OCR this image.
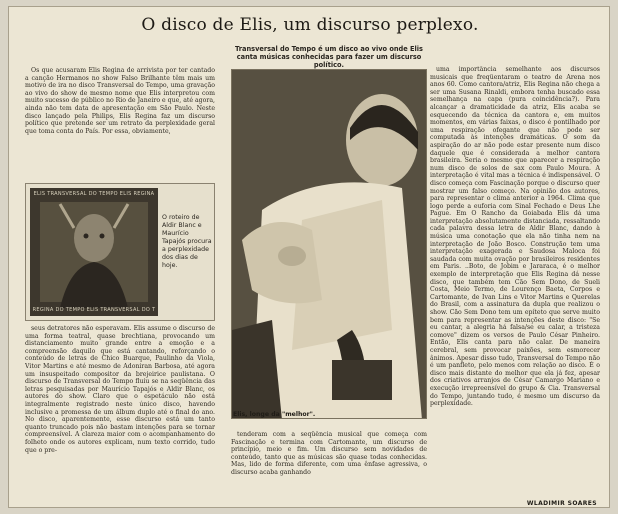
O disco de Elis, um discurso perplexo.

Transversal do Tempo é um disco ao vivo onde Elis canta músicas conhecidas para fazer um discurso político.

Os que acusaram Elis Regina de arrivista por ter cantado a canção Hermanos no show Falso Brilhante têm mais um motivo de ira no disco Transversal do Tempo, uma gravação ao vivo do show de mesmo nome que Elis interpretou com muito sucesso de público no Rio de Janeiro e que, até agora, ainda não tem data de apresentação em São Paulo. Neste disco lançado pela Philips, Elis Regina faz um discurso político que pretende ser um retrato da perplexidade geral que toma conta do País. Por essa, obviamente,

ELIS TRANSVERSAL DO TEMPO ELIS REGINA
REGINA DO TEMPO ELIS TRANSVERSAL DO T

O roteiro de Aldir Blanc e Maurício Tapajós procura a perplexidade dos dias de hoje.

seus detratores não esperavam. Elis assume o discurso de uma forma teatral, quase brechtiana, provocando um distanciamento muito grande entre a emoção e a compreensão daquilo que está cantando, reforçando o conteúdo de letras de Chico Buarque, Paulinho da Viola, Vitor Martins e até mesmo de Adoniran Barbosa, até agora um insuspeitado compositor da brejeirice paulistana. O discurso de Transversal do Tempo fluiu se na seqüência das letras pesquisadas por Maurício Tapajós e Aldir Blanc, os autores do show. Claro que o espetáculo não está integralmente registrado neste único disco, havendo inclusive a promessa de um álbum duplo até o final do ano. No disco, aparentemente, esse discurso está um tanto quanto truncado pois não bastam intenções para se tornar compreensível. A clareza maior com o acompanhamento do folheto onde os autores explicam, num texto corrido, tudo que o pre-

Elis, longe da "melhor".

tenderam com a seqüência musical que começa com Fascinação e termina com Cartomante, um discurso de princípio, meio e fim. Um discurso sem novidades de conteúdo, tanto que as músicas são quase todas conhecidas. Mas, lido de forma diferente, com uma ênfase agressiva, o discurso acaba ganhando

uma importância semelhante aos discursos musicais que freqüentaram o teatro de Arena nos anos 60. Como cantora/atriz, Elis Regina não chega a ser uma Susana Rinaldi, embora tenha buscado essa semelhança na capa (pura coincidência?). Para alcançar a dramaticidade da atriz, Elis acaba se esquecendo da técnica da cantora e, em muitos momentos, em várias faixas, o disco é pontilhado por uma respiração ofegante que não pode ser computada às intenções dramáticas. O som da aspiração do ar não pode estar presente num disco daquele que é considerada a melhor cantora brasileira. Seria o mesmo que aparecer a respiração num disco de solos de sax com Paulo Moura. A interpretação é vital mas a técnica é indispensável. O disco começa com Fascinação porque o discurso quer mostrar um falso começo. Na opinião dos autores, para representar o clima anterior a 1964. Clima que logo perde a euforia com Sinal Fechado e Deus Lhe Pague. Em O Rancho da Goiabada Elis dá uma interpretação absolutamente distanciada, ressaltando cada palavra dessa letra de Aldir Blanc, dando à música uma conotação que ela não tinha nem na interpretação de João Bosco. Construção tem uma interpretação exagerada e Saudosa Maloca foi saudada com muita ovação por brasileiros residentes em Paris. ..Boto, de Jobim e Jararaca, é o melhor exemplo de interpretação que Elis Regina dá nesse disco, que também tem Cão Sem Dono, de Sueli Costa, Meio Termo, de Lourenço Baeta, Corpos e Cartomante, de Ivan Lins e Vitor Martins e Querelas do Brasil, com a assinatura da dupla que realizou o show. Cão Sem Dono tem um epíteto que serve muito bem para representar as intenções deste disco: "Se eu cantar, a alegria há falsa/se eu calar, a tristeza comove" dizem os versos de Paulo César Pinheiro. Então, Elis canta para não calar. De maneira cerebral, sem provocar paixões, sem esmorecer ânimos. Apesar disso tudo, Transversal do Tempo não é um panfleto, pelo menos com relação ao disco. É o disco mais distante do melhor que ela já fez, apesar dos criativos arranjos de César Camargo Mariano e execução irrepreensível do grupo & Cia. Transversal do Tempo, juntando tudo, é mesmo um discurso da perplexidade.

WLADIMIR SOARES
